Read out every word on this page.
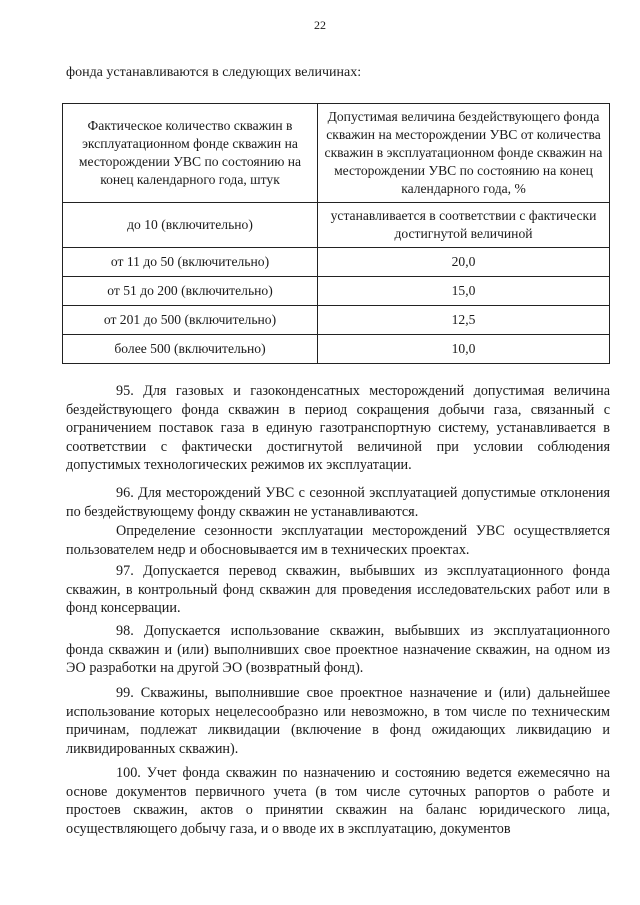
22
фонда устанавливаются в следующих величинах:
Фактическое количество скважин в эксплуатационном фонде скважин на месторождении УВС по состоянию на конец календарного года, штук	Допустимая величина бездействующего фонда скважин на месторождении УВС от количества скважин в эксплуатационном фонде скважин на месторождении УВС по состоянию на конец календарного года, %
до 10 (включительно)	устанавливается в соответствии с фактически достигнутой величиной
от 11 до 50 (включительно)	20,0
от 51 до 200 (включительно)	15,0
от 201 до 500 (включительно)	12,5
более 500 (включительно)	10,0
95. Для газовых и газоконденсатных месторождений допустимая величина бездействующего фонда скважин в период сокращения добычи газа, связанный с ограничением поставок газа в единую газотранспортную систему, устанавливается в соответствии с фактически достигнутой величиной при условии соблюдения допустимых технологических режимов их эксплуатации.
96. Для месторождений УВС с сезонной эксплуатацией допустимые отклонения по бездействующему фонду скважин не устанавливаются.
Определение сезонности эксплуатации месторождений УВС осуществляется пользователем недр и обосновывается им в технических проектах.
97. Допускается перевод скважин, выбывших из эксплуатационного фонда скважин, в контрольный фонд скважин для проведения исследовательских работ или в фонд консервации.
98. Допускается использование скважин, выбывших из эксплуатационного фонда скважин и (или) выполнивших свое проектное назначение скважин, на одном из ЭО разработки на другой ЭО (возвратный фонд).
99. Скважины, выполнившие свое проектное назначение и (или) дальнейшее использование которых нецелесообразно или невозможно, в том числе по техническим причинам, подлежат ликвидации (включение в фонд ожидающих ликвидацию и ликвидированных скважин).
100. Учет фонда скважин по назначению и состоянию ведется ежемесячно на основе документов первичного учета (в том числе суточных рапортов о работе и простоев скважин, актов о принятии скважин на баланс юридического лица, осуществляющего добычу газа, и о вводе их в эксплуатацию, документов
